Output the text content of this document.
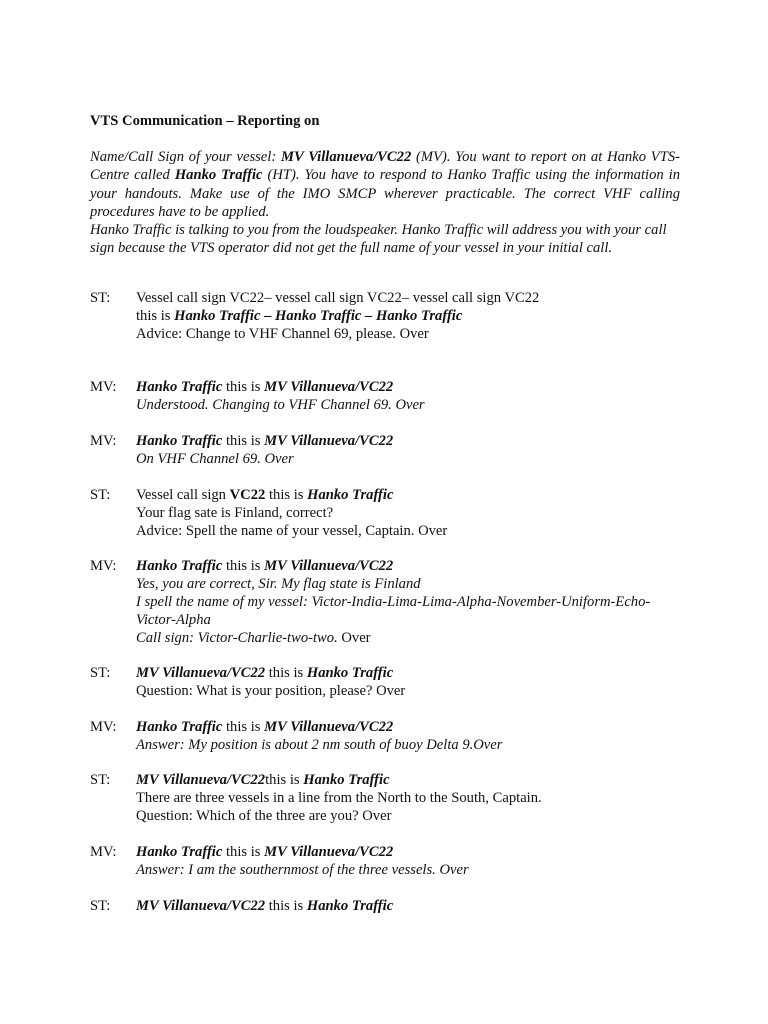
VTS Communication – Reporting on

Name/Call Sign of your vessel: MV Villanueva/VC22 (MV). You want to report on at Hanko VTS-Centre called Hanko Traffic (HT). You have to respond to Hanko Traffic using the information in your handouts. Make use of the IMO SMCP wherever practicable. The correct VHF calling procedures have to be applied.

Hanko Traffic is talking to you from the loudspeaker. Hanko Traffic will address you with your call sign because the VTS operator did not get the full name of your vessel in your initial call.

ST:	Vessel call sign VC22– vessel call sign VC22– vessel call sign VC22
this is Hanko Traffic – Hanko Traffic – Hanko Traffic
Advice: Change to VHF Channel 69, please. Over
MV:	Hanko Traffic this is MV Villanueva/VC22
Understood. Changing to VHF Channel 69. Over
MV:	Hanko Traffic this is MV Villanueva/VC22
On VHF Channel 69. Over
ST:	Vessel call sign VC22 this is Hanko Traffic
Your flag sate is Finland, correct?
Advice: Spell the name of your vessel, Captain. Over
MV:	Hanko Traffic this is MV Villanueva/VC22
Yes, you are correct, Sir. My flag state is Finland
I spell the name of my vessel: Victor-India-Lima-Lima-Alpha-November-Uniform-Echo-Victor-Alpha
Call sign: Victor-Charlie-two-two. Over
ST:	MV Villanueva/VC22 this is Hanko Traffic
Question: What is your position, please? Over
MV:	Hanko Traffic this is MV Villanueva/VC22
Answer: My position is about 2 nm south of buoy Delta 9.Over
ST:	MV Villanueva/VC22this is Hanko Traffic
There are three vessels in a line from the North to the South, Captain.
Question: Which of the three are you? Over
MV:	Hanko Traffic this is MV Villanueva/VC22
Answer: I am the southernmost of the three vessels. Over
ST:	MV Villanueva/VC22 this is Hanko Traffic
